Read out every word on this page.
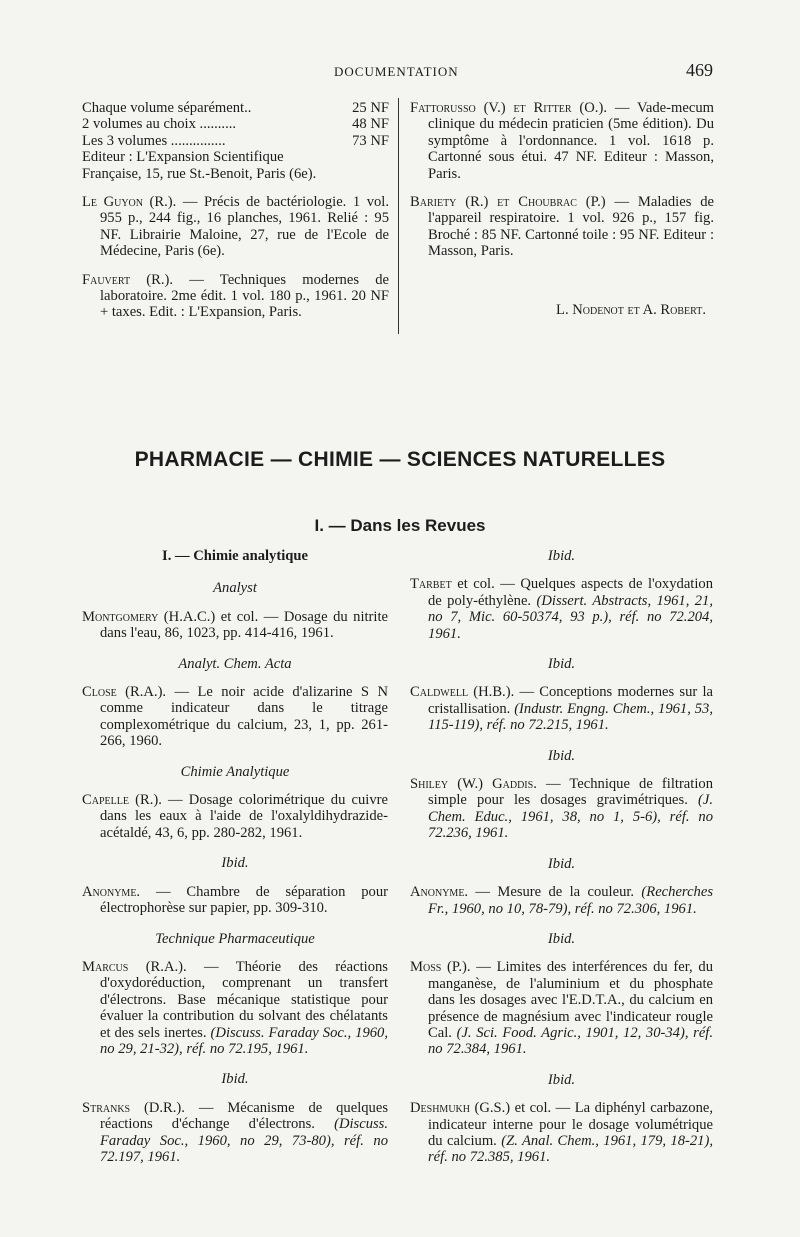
DOCUMENTATION	469
Chaque volume séparément..	25 NF
2 volumes au choix ..........	48 NF
Les 3 volumes ...............	73 NF

Editeur : L'Expansion Scientifique

Française, 15, rue St.-Benoit, Paris (6e).

Le Guyon (R.). — Précis de bactériologie. 1 vol. 955 p., 244 fig., 16 planches, 1961. Relié : 95 NF. Librairie Maloine, 27, rue de l'Ecole de Médecine, Paris (6e).

Fauvert (R.). — Techniques modernes de laboratoire. 2me édit. 1 vol. 180 p., 1961. 20 NF + taxes. Edit. : L'Expansion, Paris.

Fattorusso (V.) et Ritter (O.). — Vade-mecum clinique du médecin praticien (5me édition). Du symptôme à l'ordonnance. 1 vol. 1618 p. Cartonné sous étui. 47 NF. Editeur : Masson, Paris.

Bariety (R.) et Choubrac (P.) — Maladies de l'appareil respiratoire. 1 vol. 926 p., 157 fig. Broché : 85 NF. Cartonné toile : 95 NF. Editeur : Masson, Paris.

L. Nodenot et A. Robert.

PHARMACIE — CHIMIE — SCIENCES NATURELLES
I. — Dans les Revues

I. — Chimie analytique

Analyst

Montgomery (H.A.C.) et col. — Dosage du nitrite dans l'eau, 86, 1023, pp. 414-416, 1961.

Analyt. Chem. Acta

Close (R.A.). — Le noir acide d'alizarine S N comme indicateur dans le titrage complexométrique du calcium, 23, 1, pp. 261-266, 1960.

Chimie Analytique

Capelle (R.). — Dosage colorimétrique du cuivre dans les eaux à l'aide de l'oxalyldihydrazide-acétaldé, 43, 6, pp. 280-282, 1961.

Ibid.

Anonyme. — Chambre de séparation pour électrophorèse sur papier, pp. 309-310.

Technique Pharmaceutique

Marcus (R.A.). — Théorie des réactions d'oxydoréduction, comprenant un transfert d'électrons. Base mécanique statistique pour évaluer la contribution du solvant des chélatants et des sels inertes. (Discuss. Faraday Soc., 1960, no 29, 21-32), réf. no 72.195, 1961.

Ibid.

Stranks (D.R.). — Mécanisme de quelques réactions d'échange d'électrons. (Discuss. Faraday Soc., 1960, no 29, 73-80), réf. no 72.197, 1961.

Ibid.

Tarbet et col. — Quelques aspects de l'oxydation de poly-éthylène. (Dissert. Abstracts, 1961, 21, no 7, Mic. 60-50374, 93 p.), réf. no 72.204, 1961.

Ibid.

Caldwell (H.B.). — Conceptions modernes sur la cristallisation. (Industr. Engng. Chem., 1961, 53, 115-119), réf. no 72.215, 1961.

Ibid.

Shiley (W.) Gaddis. — Technique de filtration simple pour les dosages gravimétriques. (J. Chem. Educ., 1961, 38, no 1, 5-6), réf. no 72.236, 1961.

Ibid.

Anonyme. — Mesure de la couleur. (Recherches Fr., 1960, no 10, 78-79), réf. no 72.306, 1961.

Ibid.

Moss (P.). — Limites des interférences du fer, du manganèse, de l'aluminium et du phosphate dans les dosages avec l'E.D.T.A., du calcium en présence de magnésium avec l'indicateur rougle Cal. (J. Sci. Food. Agric., 1901, 12, 30-34), réf. no 72.384, 1961.

Ibid.

Deshmukh (G.S.) et col. — La diphényl carbazone, indicateur interne pour le dosage volumétrique du calcium. (Z. Anal. Chem., 1961, 179, 18-21), réf. no 72.385, 1961.
